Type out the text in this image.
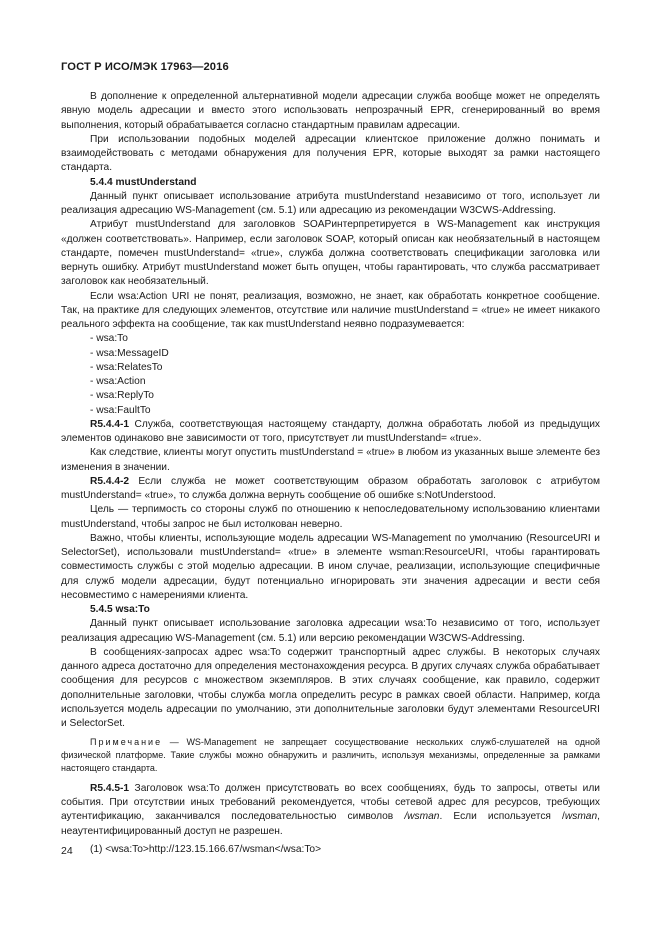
ГОСТ Р ИСО/МЭК 17963—2016

В дополнение к определенной альтернативной модели адресации служба вообще может не определять явную модель адресации и вместо этого использовать непрозрачный EPR, сгенерированный во время выполнения, который обрабатывается согласно стандартным правилам адресации.

При использовании подобных моделей адресации клиентское приложение должно понимать и взаимодействовать с методами обнаружения для получения EPR, которые выходят за рамки настоящего стандарта.

5.4.4 mustUnderstand

Данный пункт описывает использование атрибута mustUnderstand независимо от того, использует ли реализация адресацию WS-Management (см. 5.1) или адресацию из рекомендации W3CWS-Addressing.

Атрибут mustUnderstand для заголовков SOAPинтерпретируется в WS-Management как инструкция «должен соответствовать». Например, если заголовок SOAP, который описан как необязательный в настоящем стандарте, помечен mustUnderstand= «true», служба должна соответствовать спецификации заголовка или вернуть ошибку. Атрибут mustUnderstand может быть опущен, чтобы гарантировать, что служба рассматривает заголовок как необязательный.

Если wsa:Action URI не понят, реализация, возможно, не знает, как обработать конкретное сообщение. Так, на практике для следующих элементов, отсутствие или наличие mustUnderstand = «true» не имеет никакого реального эффекта на сообщение, так как mustUnderstand неявно подразумевается:

- wsa:To

- wsa:MessageID

- wsa:RelatesTo

- wsa:Action

- wsa:ReplyTo

- wsa:FaultTo

R5.4.4-1 Служба, соответствующая настоящему стандарту, должна обработать любой из предыдущих элементов одинаково вне зависимости от того, присутствует ли mustUnderstand= «true».

Как следствие, клиенты могут опустить mustUnderstand = «true» в любом из указанных выше элементе без изменения в значении.

R5.4.4-2 Если служба не может соответствующим образом обработать заголовок с атрибутом mustUnderstand= «true», то служба должна вернуть сообщение об ошибке s:NotUnderstood.

Цель — терпимость со стороны служб по отношению к непоследовательному использованию клиентами mustUnderstand, чтобы запрос не был истолкован неверно.

Важно, чтобы клиенты, использующие модель адресации WS-Management по умолчанию (ResourceURI и SelectorSet), использовали mustUnderstand= «true» в элементе wsman:ResourceURI, чтобы гарантировать совместимость службы с этой моделью адресации. В ином случае, реализации, использующие специфичные для служб модели адресации, будут потенциально игнорировать эти значения адресации и вести себя несовместимо с намерениями клиента.

5.4.5 wsa:To

Данный пункт описывает использование заголовка адресации wsa:To независимо от того, использует реализация адресацию WS-Management (см. 5.1) или версию рекомендации W3CWS-Addressing.

В сообщениях-запросах адрес wsa:To содержит транспортный адрес службы. В некоторых случаях данного адреса достаточно для определения местонахождения ресурса. В других случаях служба обрабатывает сообщения для ресурсов с множеством экземпляров. В этих случаях сообщение, как правило, содержит дополнительные заголовки, чтобы служба могла определить ресурс в рамках своей области. Например, когда используется модель адресации по умолчанию, эти дополнительные заголовки будут элементами ResourceURI и SelectorSet.

Примечание — WS-Management не запрещает сосуществование нескольких служб-слушателей на одной физической платформе. Такие службы можно обнаружить и различить, используя механизмы, определенные за рамками настоящего стандарта.

R5.4.5-1 Заголовок wsa:To должен присутствовать во всех сообщениях, будь то запросы, ответы или события. При отсутствии иных требований рекомендуется, чтобы сетевой адрес для ресурсов, требующих аутентификацию, заканчивался последовательностью символов /wsman. Если используется /wsman, неаутентифицированный доступ не разрешен.

(1) <wsa:To>http://123.15.166.67/wsman</wsa:To>

24
